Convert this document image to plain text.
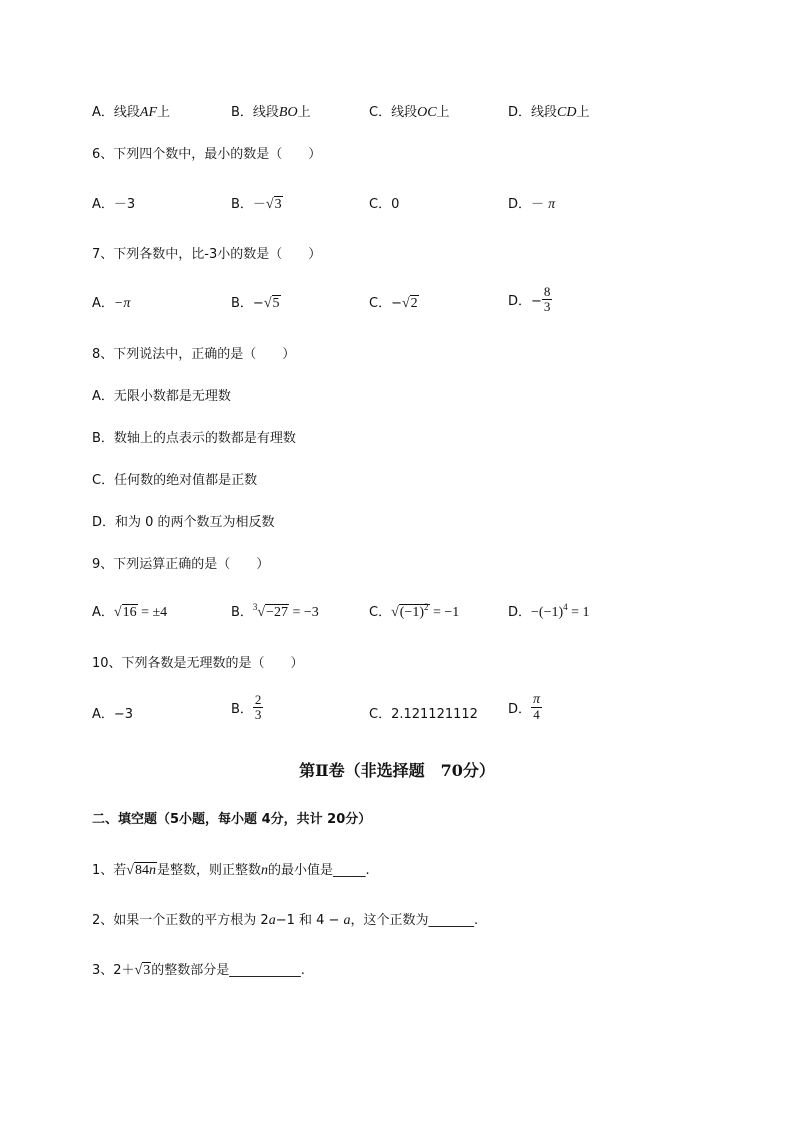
A．线段AF上	B．线段BO上	C．线段OC上	D．线段CD上
6、下列四个数中，最小的数是（　　）
A．－3	B．－√3	C．0	D．－ π
7、下列各数中，比-3小的数是（　　）
A．−π	B．−√5	C．−√2	D．− $\frac{8}{3}$
8、下列说法中，正确的是（　　）
A．无限小数都是无理数
B．数轴上的点表示的数都是有理数
C．任何数的绝对值都是正数
D．和为 0 的两个数互为相反数
9、下列运算正确的是（　　）
A．√16 = ±4	B．$^3$√−27 = −3	C．$√(-1)^2 = -1$	D．$-(-1)^4 = 1$
10、下列各数是无理数的是（　　）
A．−3	B． $\frac{2}{3}$	C．2.121121112 D． $\frac{\pi}{4}$
第Ⅱ卷（非选择题　70分）
二、填空题（5小题，每小题 4分，共计 20分）
1、若√84n是整数，则正整数n的最小值是_____.
2、如果一个正数的平方根为 2a−1 和 4 − a，这个正数为_______.
3、2＋√3的整数部分是___________.
